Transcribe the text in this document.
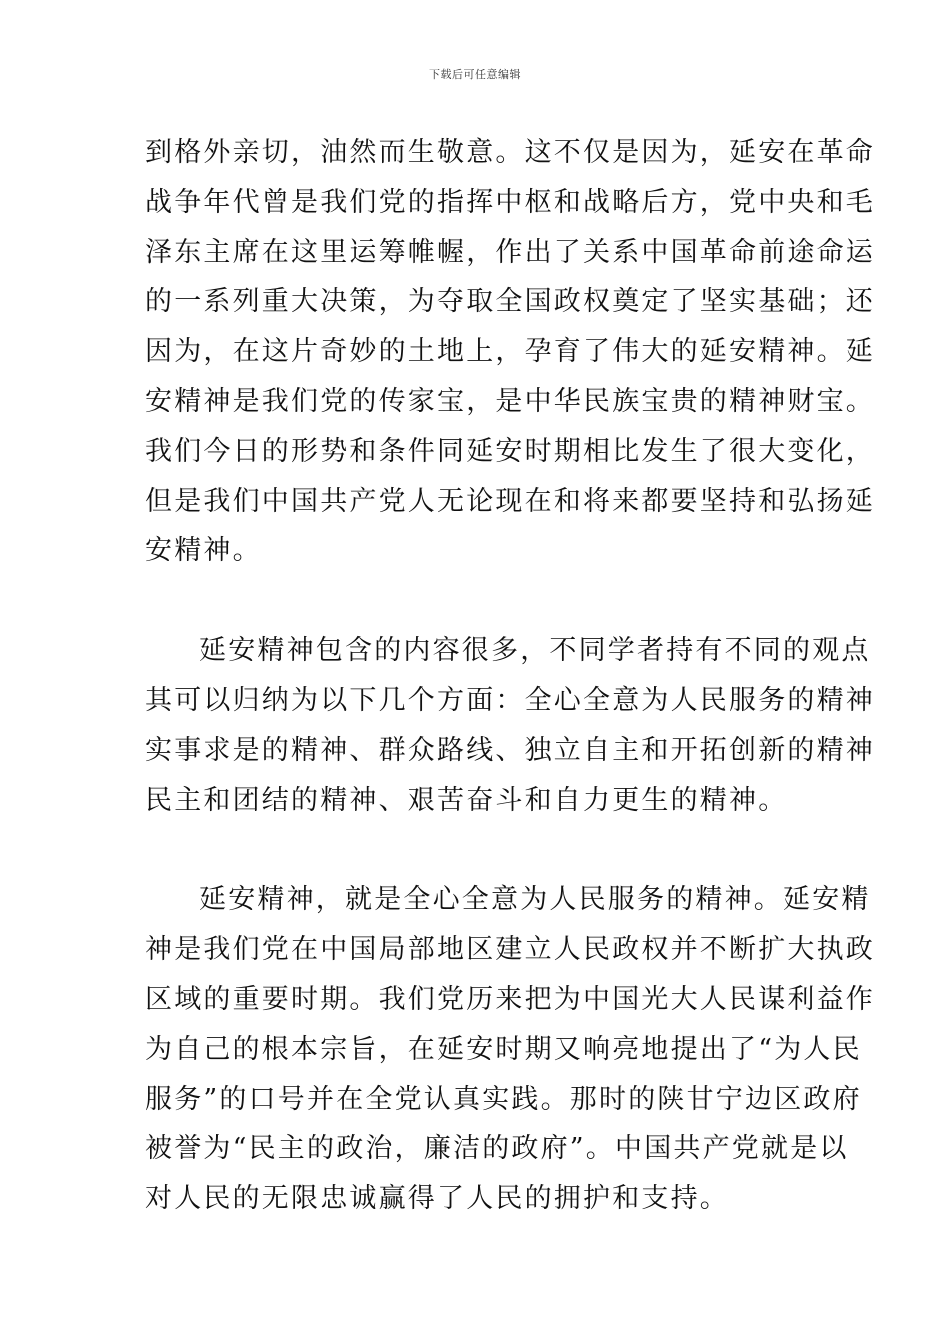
下载后可任意编辑
到格外亲切，油然而生敬意。这不仅是因为，延安在革命
战争年代曾是我们党的指挥中枢和战略后方，党中央和毛
泽东主席在这里运筹帷幄，作出了关系中国革命前途命运
的一系列重大决策，为夺取全国政权奠定了坚实基础；还
因为，在这片奇妙的土地上，孕育了伟大的延安精神。延
安精神是我们党的传家宝，是中华民族宝贵的精神财宝。
我们今日的形势和条件同延安时期相比发生了很大变化，
但是我们中国共产党人无论现在和将来都要坚持和弘扬延
安精神。
延安精神包含的内容很多，不同学者持有不同的观点
其可以归纳为以下几个方面：全心全意为人民服务的精神
实事求是的精神、群众路线、独立自主和开拓创新的精神
民主和团结的精神、艰苦奋斗和自力更生的精神。
延安精神，就是全心全意为人民服务的精神。延安精
神是我们党在中国局部地区建立人民政权并不断扩大执政
区域的重要时期。我们党历来把为中国光大人民谋利益作
为自己的根本宗旨，在延安时期又响亮地提出了“为人民
服务”的口号并在全党认真实践。那时的陕甘宁边区政府
被誉为“民主的政治，廉洁的政府”。中国共产党就是以
对人民的无限忠诚赢得了人民的拥护和支持。
